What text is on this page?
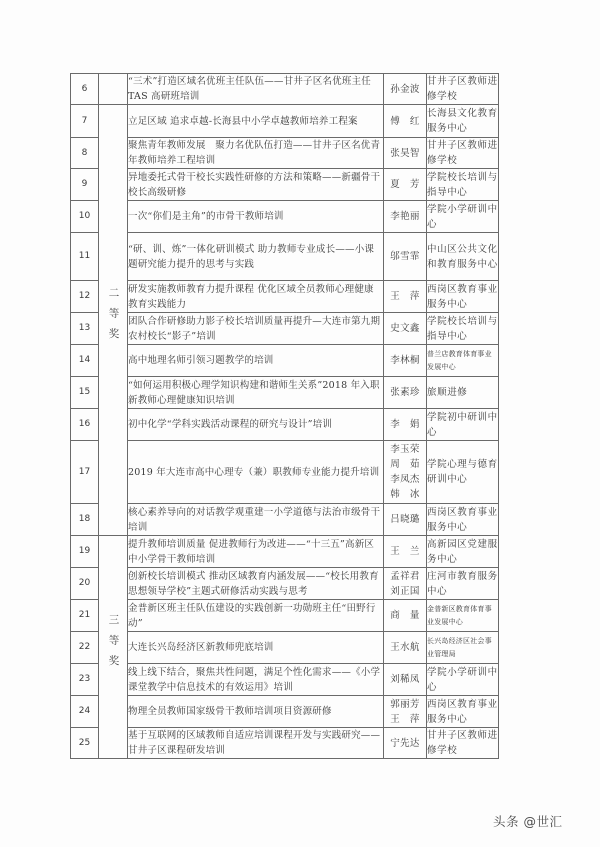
6		“三术”打造区域名优班主任队伍——甘井子区名优班主任 TAS 高研班培训	孙金波	甘井子区教师进修学校
7	二等奖	立足区域 追求卓越-长海县中小学卓越教师培养工程案	傅　红	长海县文化教育服务中心
8		聚焦青年教师发展　聚力名优队伍打造——甘井子区名优青年教师培养工程培训	张昊智	甘井子区教师进修学校
9		异地委托式骨干校长实践性研修的方法和策略——新疆骨干校长高级研修	夏　芳	学院校长培训与指导中心
10		一次“你们是主角”的市骨干教师培训	李艳丽	学院小学研训中心
11		“研、训、炼”一体化研训模式 助力教师专业成长——小课题研究能力提升的思考与实践	邬雪霏	中山区公共文化和教育服务中心
12		研发实施教师教育力提升课程 优化区域全员教师心理健康教育实践能力	王　萍	西岗区教育事业服务中心
13		团队合作研修助力影子校长培训质量再提升—大连市第九期农村校长“影子”培训	史文鑫	学院校长培训与指导中心
14		高中地理名师引领习题教学的培训	李林桐	普兰店教育体育事业发展中心
15		“如何运用积极心理学知识构建和谐师生关系”2018 年入职新教师心理健康知识培训	张素珍	旅顺进修
16		初中化学“学科实践活动课程的研究与设计”培训	李　娟	学院初中研训中心
17		2019 年大连市高中心理专（兼）职教师专业能力提升培训	李玉荣
周　茹
李凤杰
韩　冰	学院心理与德育研训中心
18		核心素养导向的对话教学观重建一小学道德与法治市级骨干培训	吕晓璐	西岗区教育事业服务中心
19	三等奖	提升教师培训质量 促进教师行为改进——“十三五”高新区中小学骨干教师培训	王　兰	高新园区党建服务中心
20		创新校长培训模式 推动区域教育内涵发展——“校长用教育思想领导学校”主题式研修活动实践与思考	孟祥君
刘正国	庄河市教育服务中心
21		金普新区班主任队伍建设的实践创新一功勋班主任“田野行动”	商　量	金普新区教育体育事业发展中心
22		大连长兴岛经济区新教师兜底培训	王水航	长兴岛经济区社会事业管理局
23		线上线下结合，聚焦共性问题，满足个性化需求——《小学课堂教学中信息技术的有效运用》培训	刘稀凤	学院小学研训中心
24		物理全员教师国家级骨干教师培训项目资源研修	郭丽芳
王　萍	西岗区教育事业服务中心
25		基于互联网的区域教师自适应培训课程开发与实践研究——甘井子区课程研发培训	宁先达	甘井子区教师进修学校
头条 @世汇
